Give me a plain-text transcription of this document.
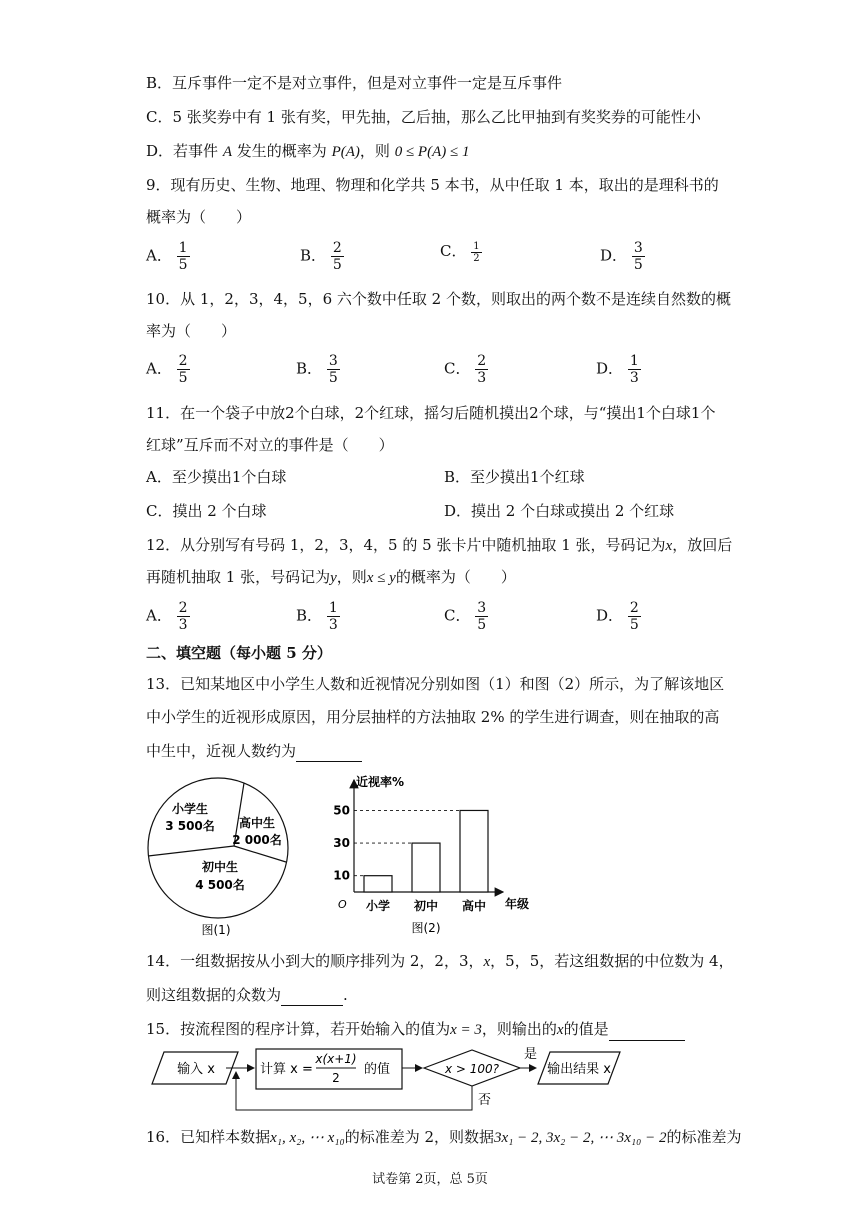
B．互斥事件一定不是对立事件，但是对立事件一定是互斥事件
C．5 张奖券中有 1 张有奖，甲先抽，乙后抽，那么乙比甲抽到有奖奖券的可能性小
D．若事件 A 发生的概率为 P(A)，则 0 ≤ P(A) ≤ 1
9．现有历史、生物、地理、物理和化学共 5 本书，从中任取 1 本，取出的是理科书的
概率为（　　）
A． $\frac{1}{5}$	B． $\frac{2}{5}$	C． $\frac{1}{2}$	D． $\frac{3}{5}$
10．从 1，2，3，4，5，6 六个数中任取 2 个数，则取出的两个数不是连续自然数的概
率为（　　）
A． $\frac{2}{5}$	B． $\frac{3}{5}$	C． $\frac{2}{3}$	D． $\frac{1}{3}$
11．在一个袋子中放2个白球，2个红球，摇匀后随机摸出2个球，与“摸出1个白球1个
红球”互斥而不对立的事件是（　　）
A．至少摸出1个白球	B．至少摸出1个红球
C．摸出 2 个白球	D．摸出 2 个白球或摸出 2 个红球
12．从分别写有号码 1，2，3，4，5 的 5 张卡片中随机抽取 1 张，号码记为x，放回后
再随机抽取 1 张，号码记为y，则x ≤ y的概率为（　　）
A． $\frac{2}{3}$	B． $\frac{1}{3}$	C． $\frac{3}{5}$	D． $\frac{2}{5}$
二、填空题（每小题 5 分）
13．已知某地区中小学生人数和近视情况分别如图（1）和图（2）所示，为了解该地区
中小学生的近视形成原因，用分层抽样的方法抽取 2% 的学生进行调查，则在抽取的高
中生中，近视人数约为
小学生
3 500名 高中生
2 000名
初中生
4 500名
图(1)
近视率%
年级
O 小学 初中 高中
10
30
50
图(2)
14．一组数据按从小到大的顺序排列为 2，2，3，x，5，5，若这组数据的中位数为 4，
则这组数据的众数为	.
15．按流程图的程序计算，若开始输入的值为x = 3，则输出的x的值是
输入 x	计算 x =
x(x+1)
2
的值	x > 100?
是
输出结果 x
否
16．已知样本数据x₁, x₂, ⋯ x₁₀的标准差为 2，则数据3x₁ − 2, 3x₂ − 2, ⋯ 3x₁₀ − 2的标准差为
试卷第 2页，总 5页
